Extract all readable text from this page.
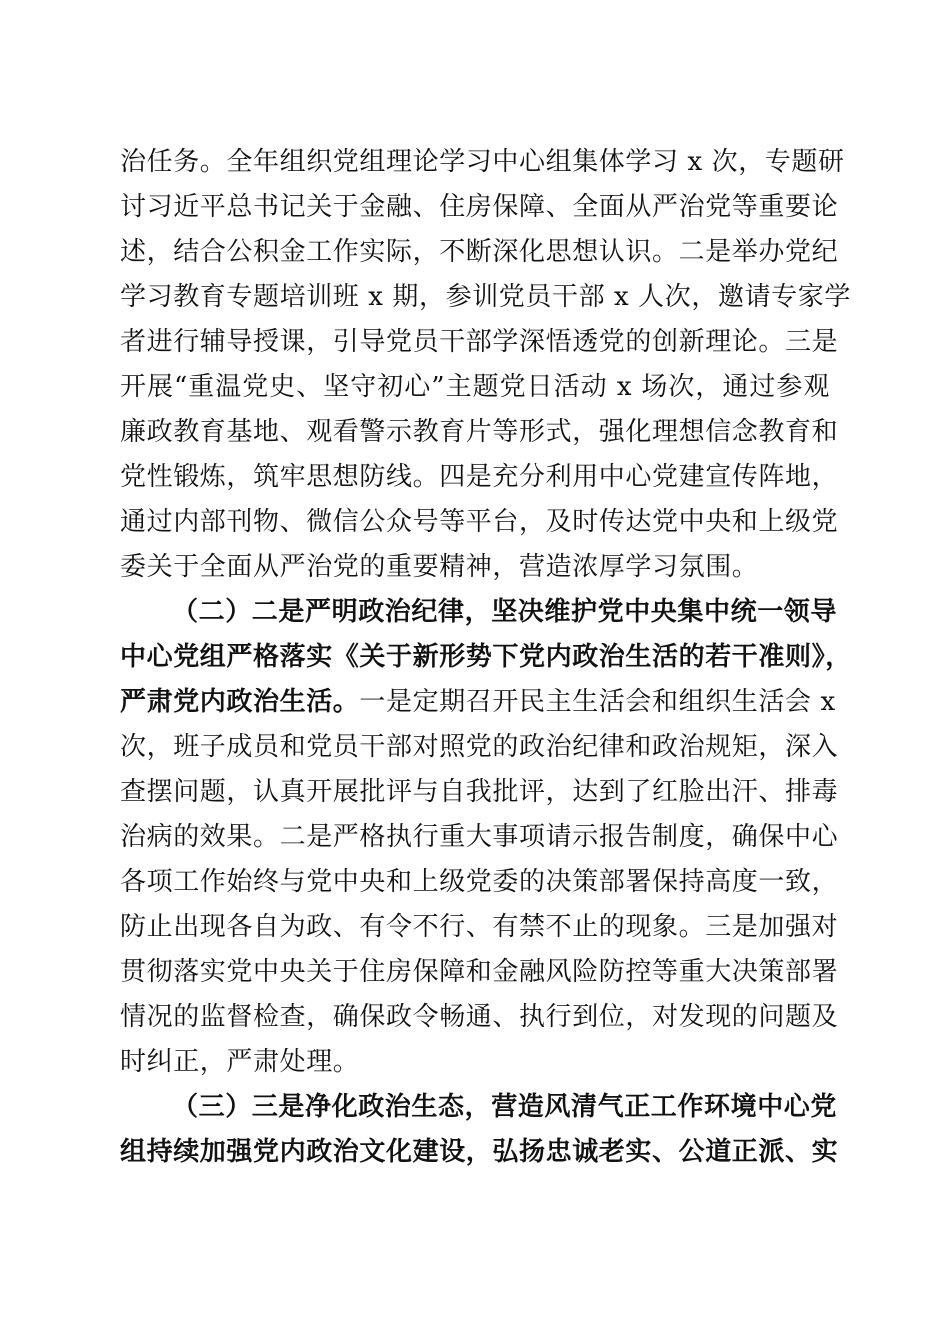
治任务。全年组织党组理论学习中心组集体学习 x 次，专题研
讨习近平总书记关于金融、住房保障、全面从严治党等重要论
述，结合公积金工作实际，不断深化思想认识。二是举办党纪
学习教育专题培训班 x 期，参训党员干部 x 人次，邀请专家学
者进行辅导授课，引导党员干部学深悟透党的创新理论。三是
开展“重温党史、坚守初心”主题党日活动 x 场次，通过参观
廉政教育基地、观看警示教育片等形式，强化理想信念教育和
党性锻炼，筑牢思想防线。四是充分利用中心党建宣传阵地，
通过内部刊物、微信公众号等平台，及时传达党中央和上级党
委关于全面从严治党的重要精神，营造浓厚学习氛围。
（二）二是严明政治纪律，坚决维护党中央集中统一领导
中心党组严格落实《关于新形势下党内政治生活的若干准则》，
严肃党内政治生活。一是定期召开民主生活会和组织生活会 x
次，班子成员和党员干部对照党的政治纪律和政治规矩，深入
查摆问题，认真开展批评与自我批评，达到了红脸出汗、排毒
治病的效果。二是严格执行重大事项请示报告制度，确保中心
各项工作始终与党中央和上级党委的决策部署保持高度一致，
防止出现各自为政、有令不行、有禁不止的现象。三是加强对
贯彻落实党中央关于住房保障和金融风险防控等重大决策部署
情况的监督检查，确保政令畅通、执行到位，对发现的问题及
时纠正，严肃处理。
（三）三是净化政治生态，营造风清气正工作环境中心党
组持续加强党内政治文化建设，弘扬忠诚老实、公道正派、实
